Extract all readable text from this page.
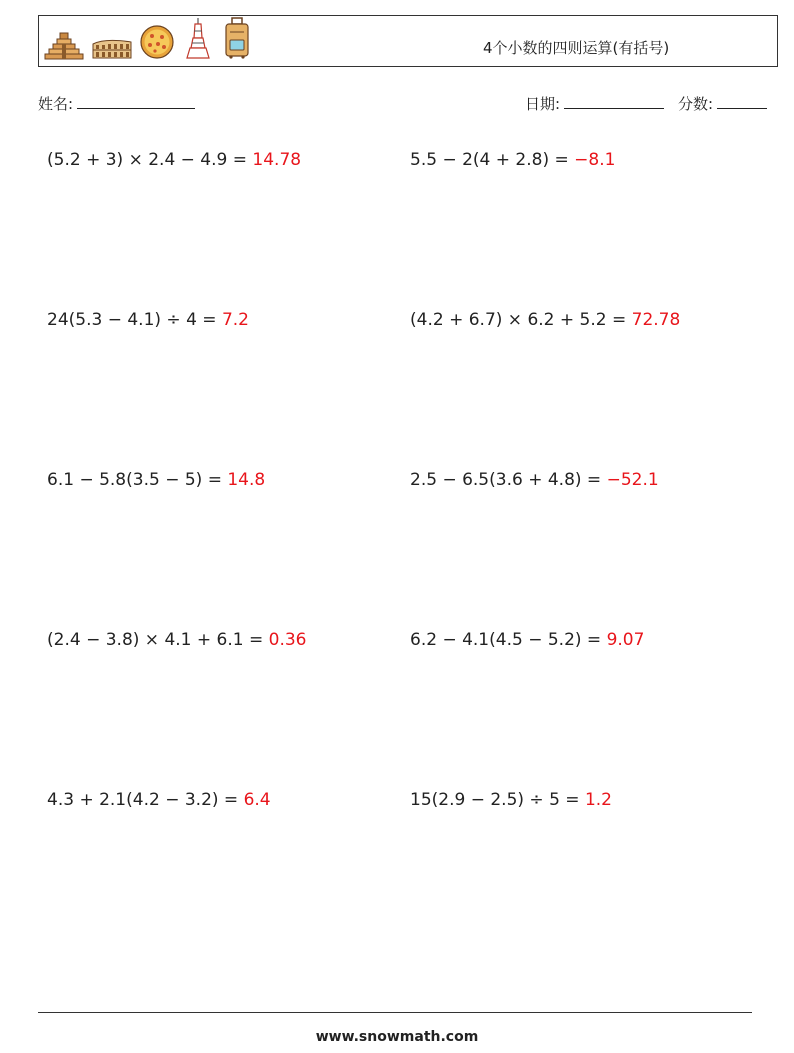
4个小数的四则运算(有括号)
姓名:	日期:	分数:
(5.2 + 3) × 2.4 − 4.9 = 14.78	5.5 − 2(4 + 2.8) = −8.1
24(5.3 − 4.1) ÷ 4 = 7.2	(4.2 + 6.7) × 6.2 + 5.2 = 72.78
6.1 − 5.8(3.5 − 5) = 14.8	2.5 − 6.5(3.6 + 4.8) = −52.1
(2.4 − 3.8) × 4.1 + 6.1 = 0.36	6.2 − 4.1(4.5 − 5.2) = 9.07
4.3 + 2.1(4.2 − 3.2) = 6.4	15(2.9 − 2.5) ÷ 5 = 1.2
www.snowmath.com
